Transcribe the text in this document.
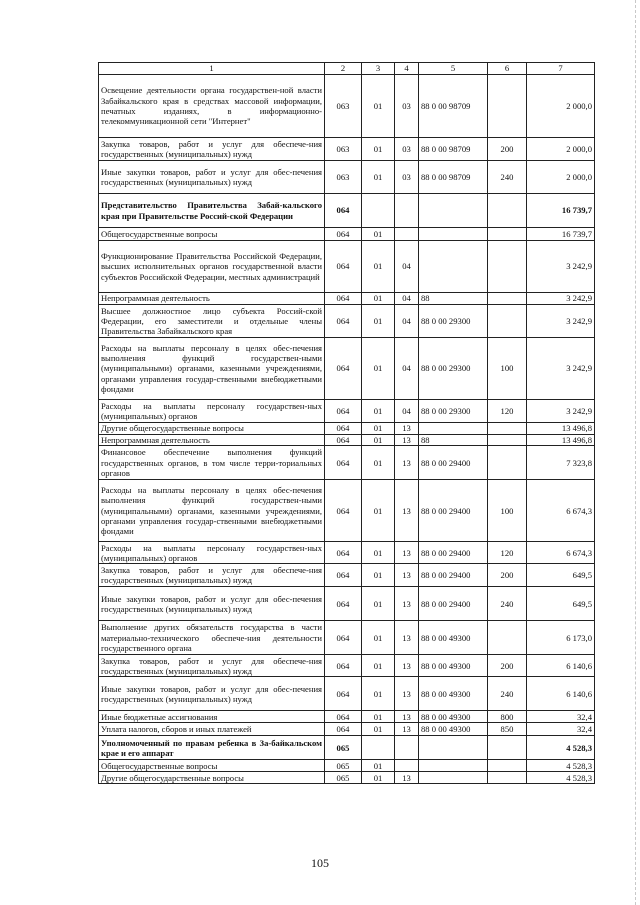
1	2	3	4	5	6	7
Освещение деятельности органа государствен-ной власти Забайкальского края в средствах массовой информации, печатных изданиях, в информационно-телекоммуникационной сети "Интернет"	063	01	03	88 0 00 98709		2 000,0
Закупка товаров, работ и услуг для обеспече-ния государственных (муниципальных) нужд	063	01	03	88 0 00 98709	200	2 000,0
Иные закупки товаров, работ и услуг для обес-печения государственных (муниципальных) нужд	063	01	03	88 0 00 98709	240	2 000,0
Представительство Правительства Забай-кальского края при Правительстве Россий-ской Федерации	064					16 739,7
Общегосударственные вопросы	064	01				16 739,7
Функционирование Правительства Российской Федерации, высших исполнительных органов государственной власти субъектов Российской Федерации, местных администраций	064	01	04			3 242,9
Непрограммная деятельность	064	01	04	88		3 242,9
Высшее должностное лицо субъекта Россий-ской Федерации, его заместители и отдельные члены Правительства Забайкальского края	064	01	04	88 0 00 29300		3 242,9
Расходы на выплаты персоналу в целях обес-печения выполнения функций государствен-ными (муниципальными) органами, казенными учреждениями, органами управления государ-ственными внебюджетными фондами	064	01	04	88 0 00 29300	100	3 242,9
Расходы на выплаты персоналу государствен-ных (муниципальных) органов	064	01	04	88 0 00 29300	120	3 242,9
Другие общегосударственные вопросы	064	01	13			13 496,8
Непрограммная деятельность	064	01	13	88		13 496,8
Финансовое обеспечение выполнения функций государственных органов, в том числе терри-ториальных органов	064	01	13	88 0 00 29400		7 323,8
Расходы на выплаты персоналу в целях обес-печения выполнения функций государствен-ными (муниципальными) органами, казенными учреждениями, органами управления государ-ственными внебюджетными фондами	064	01	13	88 0 00 29400	100	6 674,3
Расходы на выплаты персоналу государствен-ных (муниципальных) органов	064	01	13	88 0 00 29400	120	6 674,3
Закупка товаров, работ и услуг для обеспече-ния государственных (муниципальных) нужд	064	01	13	88 0 00 29400	200	649,5
Иные закупки товаров, работ и услуг для обес-печения государственных (муниципальных) нужд	064	01	13	88 0 00 29400	240	649,5
Выполнение других обязательств государства в части материально-технического обеспече-ния деятельности государственного органа	064	01	13	88 0 00 49300		6 173,0
Закупка товаров, работ и услуг для обеспече-ния государственных (муниципальных) нужд	064	01	13	88 0 00 49300	200	6 140,6
Иные закупки товаров, работ и услуг для обес-печения государственных (муниципальных) нужд	064	01	13	88 0 00 49300	240	6 140,6
Иные бюджетные ассигнования	064	01	13	88 0 00 49300	800	32,4
Уплата налогов, сборов и иных платежей	064	01	13	88 0 00 49300	850	32,4
Уполномоченный по правам ребенка в За-байкальском крае и его аппарат	065					4 528,3
Общегосударственные вопросы	065	01				4 528,3
Другие общегосударственные вопросы	065	01	13			4 528,3
105
